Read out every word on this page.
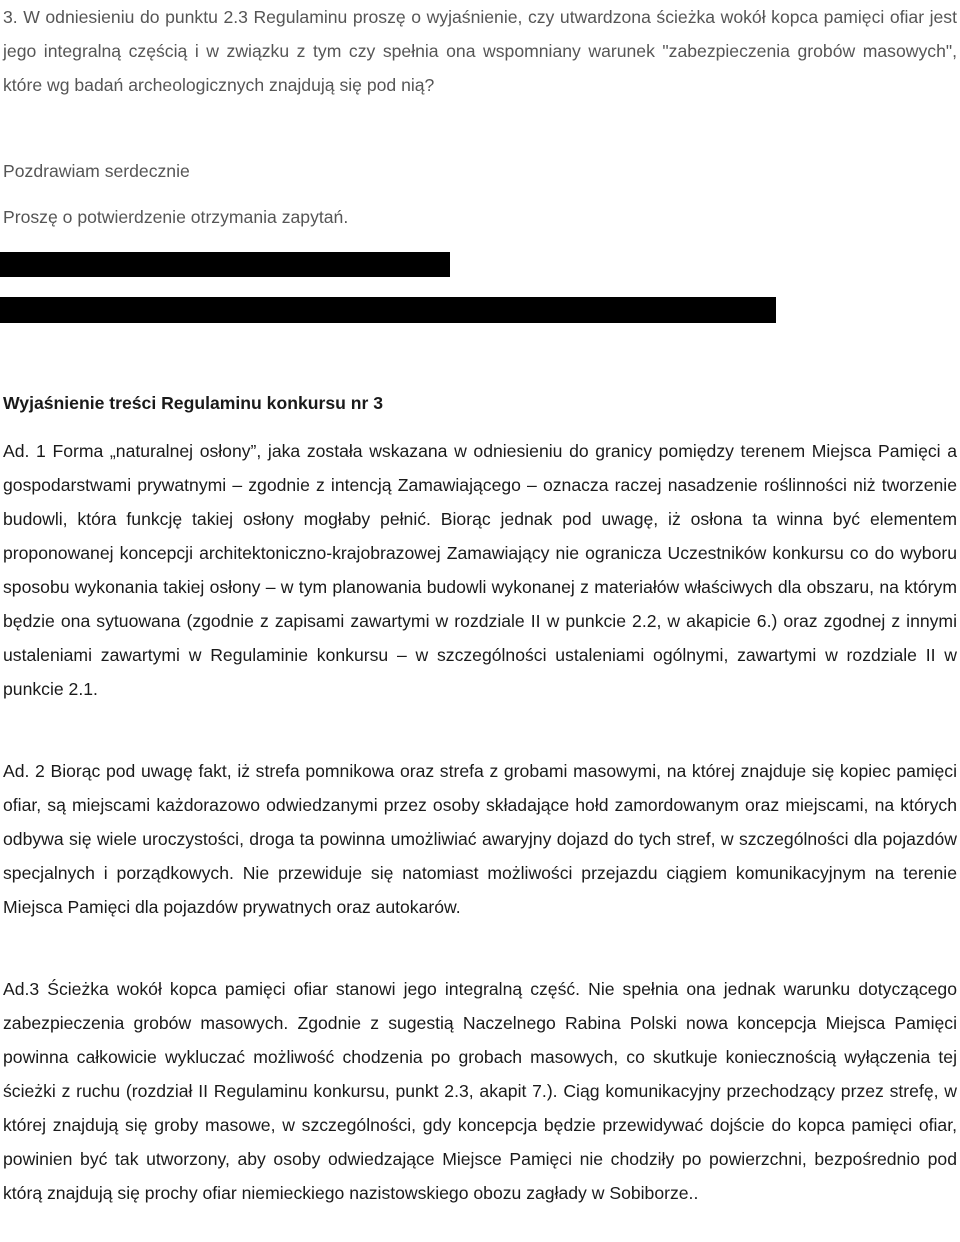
3. W odniesieniu do punktu 2.3 Regulaminu proszę o wyjaśnienie, czy utwardzona ścieżka wokół kopca pamięci ofiar jest jego integralną częścią i w związku z tym czy spełnia ona wspomniany warunek "zabezpieczenia grobów masowych", które wg badań archeologicznych znajdują się pod nią?

Pozdrawiam serdecznie

Proszę o potwierdzenie otrzymania zapytań.

Wyjaśnienie treści Regulaminu konkursu nr 3

Ad. 1 Forma „naturalnej osłony”, jaka została wskazana w odniesieniu do granicy pomiędzy terenem Miejsca Pamięci a gospodarstwami prywatnymi – zgodnie z intencją Zamawiającego – oznacza raczej nasadzenie roślinności niż tworzenie budowli, która funkcję takiej osłony mogłaby pełnić. Biorąc jednak pod uwagę, iż osłona ta winna być elementem proponowanej koncepcji architektoniczno-krajobrazowej Zamawiający nie ogranicza Uczestników konkursu co do wyboru sposobu wykonania takiej osłony – w tym planowania budowli wykonanej z materiałów właściwych dla obszaru, na którym będzie ona sytuowana (zgodnie z zapisami zawartymi w rozdziale II w punkcie 2.2, w akapicie 6.) oraz zgodnej z innymi ustaleniami zawartymi w Regulaminie konkursu – w szczególności ustaleniami ogólnymi, zawartymi w rozdziale II w punkcie 2.1.

Ad. 2 Biorąc pod uwagę fakt, iż strefa pomnikowa oraz strefa z grobami masowymi, na której znajduje się kopiec pamięci ofiar, są miejscami każdorazowo odwiedzanymi przez osoby składające hołd zamordowanym oraz miejscami, na których odbywa się wiele uroczystości, droga ta powinna umożliwiać awaryjny dojazd do tych stref, w szczególności dla pojazdów specjalnych i porządkowych. Nie przewiduje się natomiast możliwości przejazdu ciągiem komunikacyjnym na terenie Miejsca Pamięci dla pojazdów prywatnych oraz autokarów.

Ad.3 Ścieżka wokół kopca pamięci ofiar stanowi jego integralną część. Nie spełnia ona jednak warunku dotyczącego zabezpieczenia grobów masowych. Zgodnie z sugestią Naczelnego Rabina Polski nowa koncepcja Miejsca Pamięci powinna całkowicie wykluczać możliwość chodzenia po grobach masowych, co skutkuje koniecznością wyłączenia tej ścieżki z ruchu (rozdział II Regulaminu konkursu, punkt 2.3, akapit 7.). Ciąg komunikacyjny przechodzący przez strefę, w której znajdują się groby masowe, w szczególności, gdy koncepcja będzie przewidywać dojście do kopca pamięci ofiar, powinien być tak utworzony, aby osoby odwiedzające Miejsce Pamięci nie chodziły po powierzchni, bezpośrednio pod którą znajdują się prochy ofiar niemieckiego nazistowskiego obozu zagłady w Sobiborze..
